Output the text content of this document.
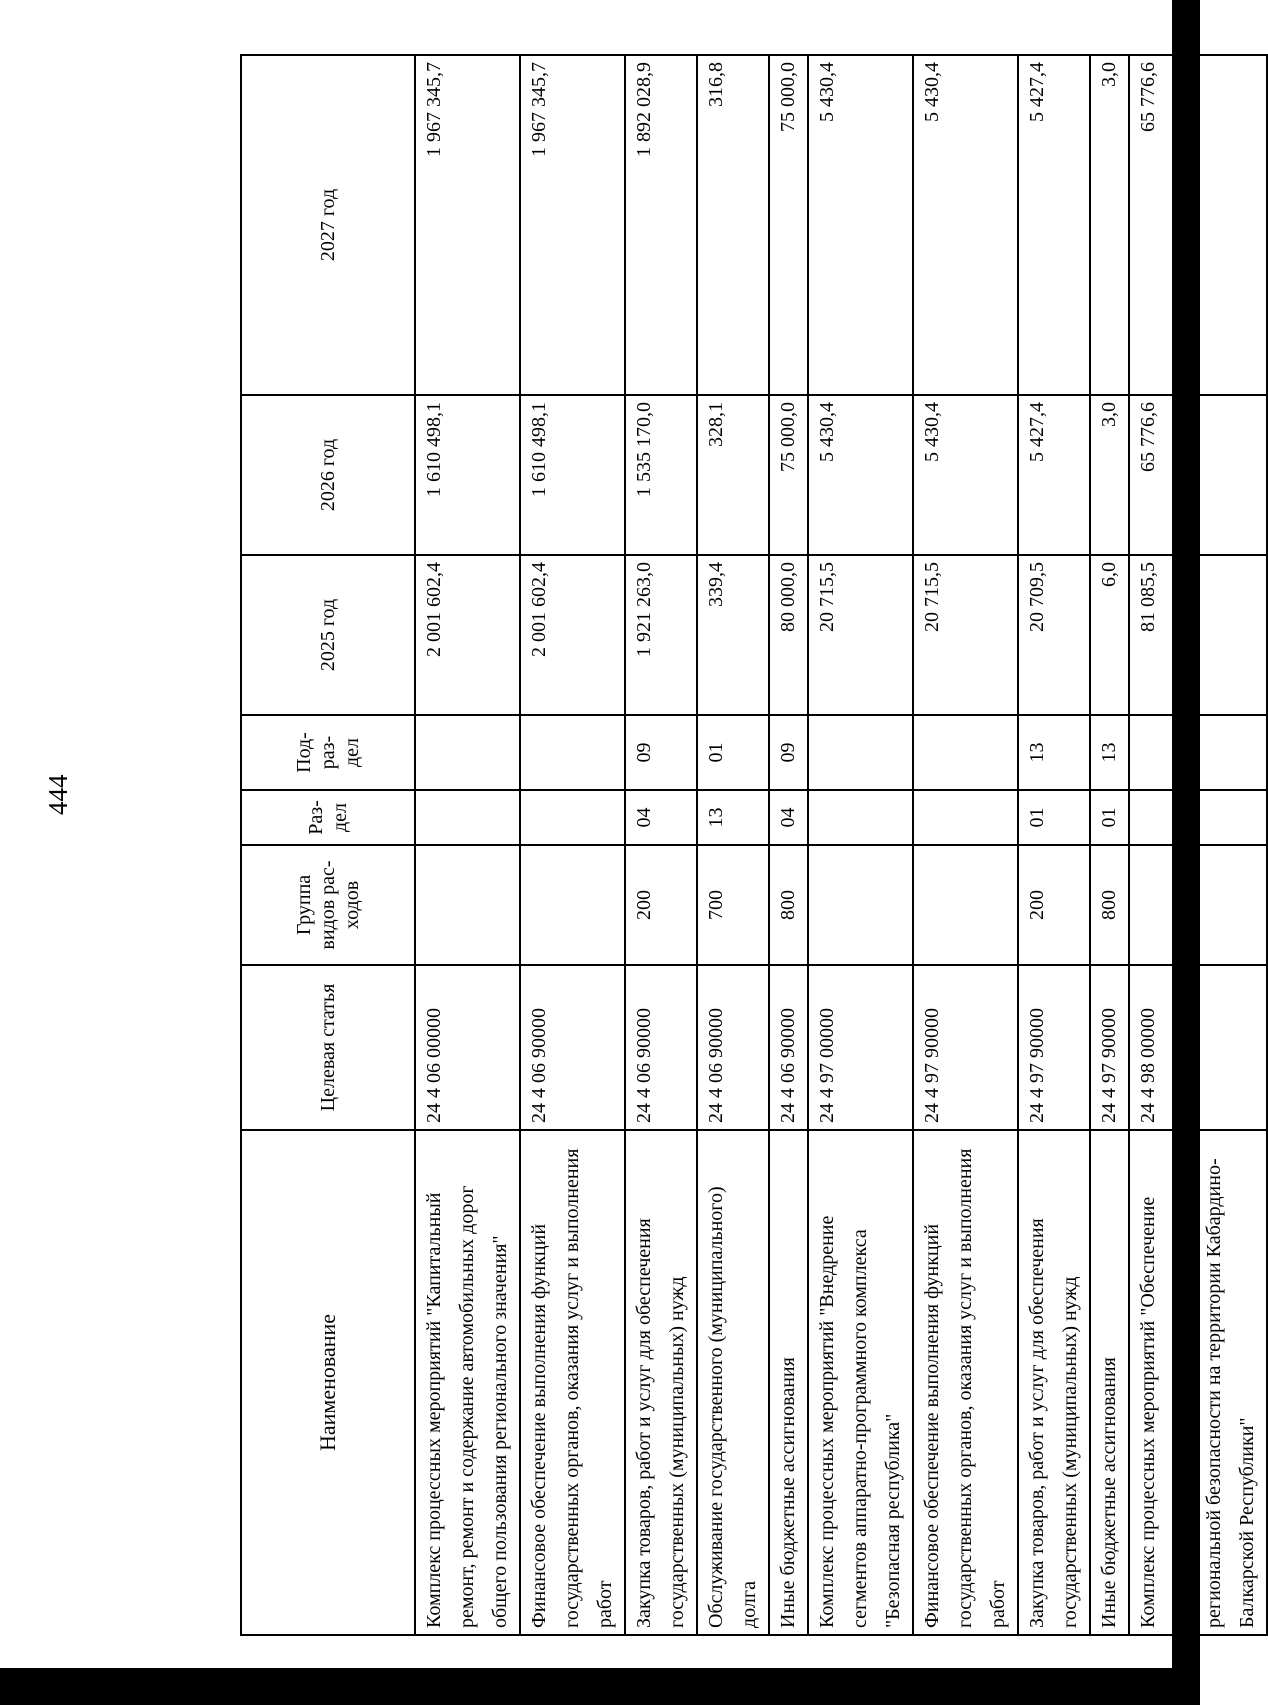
444
Наименование	Целевая статья	Группа видов рас- ходов	Раз- дел	Под- раз- дел	2025 год	2026 год	2027 год
Комплекс процессных мероприятий "Капитальный ремонт, ремонт и содержание автомобильных дорог общего пользования регионального значения"	24 4 06 00000				2 001 602,4	1 610 498,1	1 967 345,7
Финансовое обеспечение выполнения функций государственных органов, оказания услуг и выполнения работ	24 4 06 90000				2 001 602,4	1 610 498,1	1 967 345,7
Закупка товаров, работ и услуг для обеспечения государственных (муниципальных) нужд	24 4 06 90000	200	04	09	1 921 263,0	1 535 170,0	1 892 028,9
Обслуживание государственного (муниципального) долга	24 4 06 90000	700	13	01	339,4	328,1	316,8
Иные бюджетные ассигнования	24 4 06 90000	800	04	09	80 000,0	75 000,0	75 000,0
Комплекс процессных мероприятий "Внедрение сегментов аппаратно-программного комплекса "Безопасная республика"	24 4 97 00000				20 715,5	5 430,4	5 430,4
Финансовое обеспечение выполнения функций государственных органов, оказания услуг и выполнения работ	24 4 97 90000				20 715,5	5 430,4	5 430,4
Закупка товаров, работ и услуг для обеспечения государственных (муниципальных) нужд	24 4 97 90000	200	01	13	20 709,5	5 427,4	5 427,4
Иные бюджетные ассигнования	24 4 97 90000	800	01	13	6,0	3,0	3,0
Комплекс процессных мероприятий "Обеспечение создания и функционирования отдельных систем региональной безопасности на территории Кабардино-Балкарской Республики"	24 4 98 00000				81 085,5	65 776,6	65 776,6
